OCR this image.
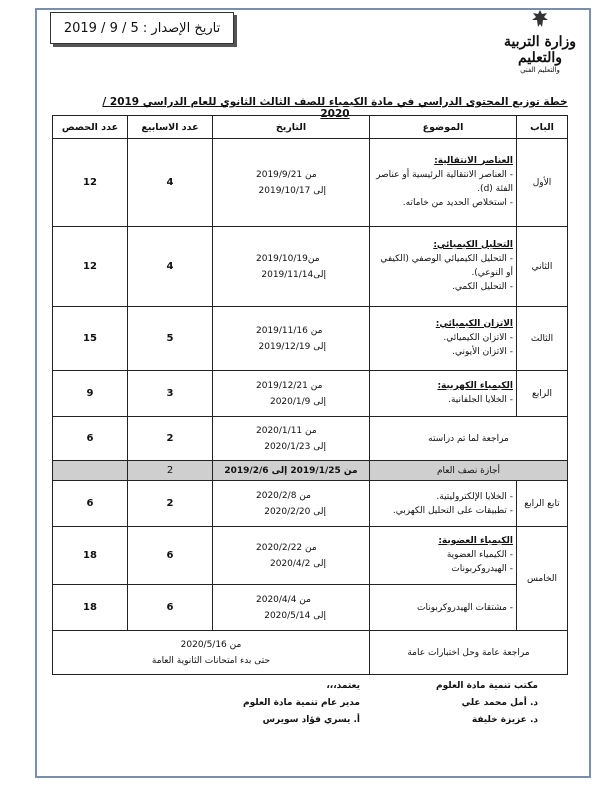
تاريخ الإصدار : 5 / 9 / 2019
وزارة التربية والتعليم
والتعليم الفني
خطة توزيع المحتوى الدراسي في مادة الكيمياء للصف الثالث الثانوي للعام الدراسي 2019 / 2020
الباب	الموضوع	التاريخ	عدد الاسابيع	عدد الحصص
الأول	العناصر الانتقالية:
- العناصر الانتقالية الرئيسية أو عناصر الفئة (d).
- استخلاص الحديد من خاماته.	من 2019/9/21
إلى 2019/10/17	4	12
الثاني	التحليل الكيميائي:
- التحليل الكيميائي الوصفي (الكيفي أو النوعي).
- التحليل الكمي.	من2019/10/19
إلى2019/11/14	4	12
الثالث	الاتزان الكيميائي:
- الاتزان الكيميائي.
- الاتزان الأيوني.	من 2019/11/16
إلى 2019/12/19	5	15
الرابع	الكيمياء الكهربية:
- الخلايا الجلفانية.	من 2019/12/21
إلى 2020/1/9	3	9

مراجعة لما تم دراسته		من 2020/1/11
إلى 2020/1/23	2	6
أجازة نصف العام		من 2019/1/25 إلى 2019/2/6	2	
تابع الرابع	- الخلايا الإلكتروليتية.
- تطبيقات على التحليل الكهربي.	من 2020/2/8
إلى 2020/2/20	2	6
الخامس	الكيمياء العضوية:
- الكيمياء العضوية
- الهيدروكربونات	من 2020/2/22
إلى 2020/4/2	6	18

	- مشتقات الهيدروكربونات	من 2020/4/4
إلى 2020/5/14	6	18
مراجعة عامة وحل اختبارات عامة		من 2020/5/16
حتى بدء امتحانات الثانوية العامة		
مكتب تنمية مادة العلوم
د. أمل محمد علي
د. عزيزة خليفة
يعتمد،،،
مدير عام تنمية مادة العلوم
أ. يسري فؤاد سويرس
